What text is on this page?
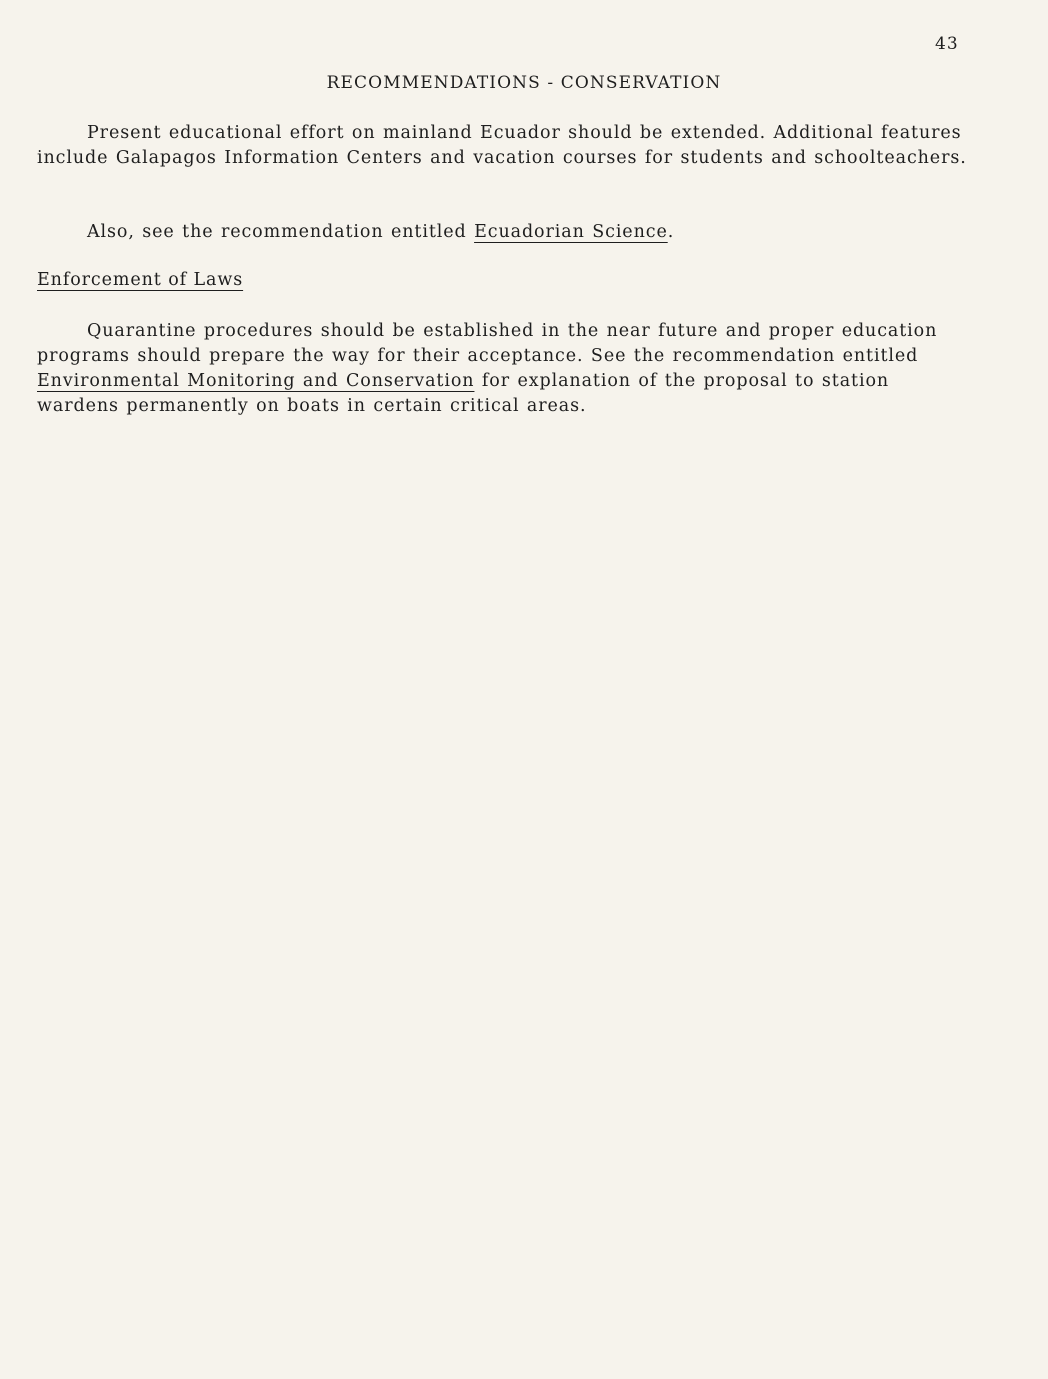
43
RECOMMENDATIONS - CONSERVATION

Present educational effort on mainland Ecuador should be extended. Additional features include Galapagos Information Centers and vacation courses for students and schoolteachers.

Also, see the recommendation entitled Ecuadorian Science.

Enforcement of Laws

Quarantine procedures should be established in the near future and proper education programs should prepare the way for their acceptance. See the recommendation entitled Environmental Monitoring and Conservation for explanation of the proposal to station wardens permanently on boats in certain critical areas.
